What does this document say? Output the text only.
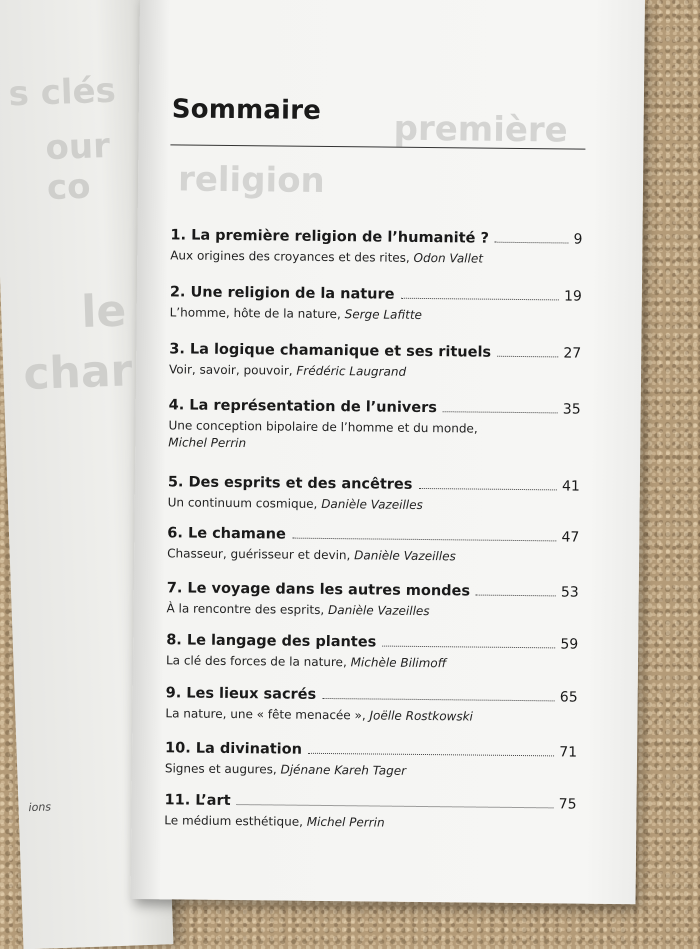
s clés
our co
le
char
ions
première
religion
Sommaire
1. La première religion de l’humanité ?	9
Aux origines des croyances et des rites, Odon Vallet
2. Une religion de la nature	19
L’homme, hôte de la nature, Serge Lafitte
3. La logique chamanique et ses rituels	27
Voir, savoir, pouvoir, Frédéric Laugrand
4. La représentation de l’univers	35
Une conception bipolaire de l’homme et du monde,
Michel Perrin
5. Des esprits et des ancêtres	41
Un continuum cosmique, Danièle Vazeilles
6. Le chamane	47
Chasseur, guérisseur et devin, Danièle Vazeilles
7. Le voyage dans les autres mondes	53
À la rencontre des esprits, Danièle Vazeilles
8. Le langage des plantes	59
La clé des forces de la nature, Michèle Bilimoff
9. Les lieux sacrés	65
La nature, une « fête menacée », Joëlle Rostkowski
10. La divination	71
Signes et augures, Djénane Kareh Tager
11. L’art	75
Le médium esthétique, Michel Perrin
